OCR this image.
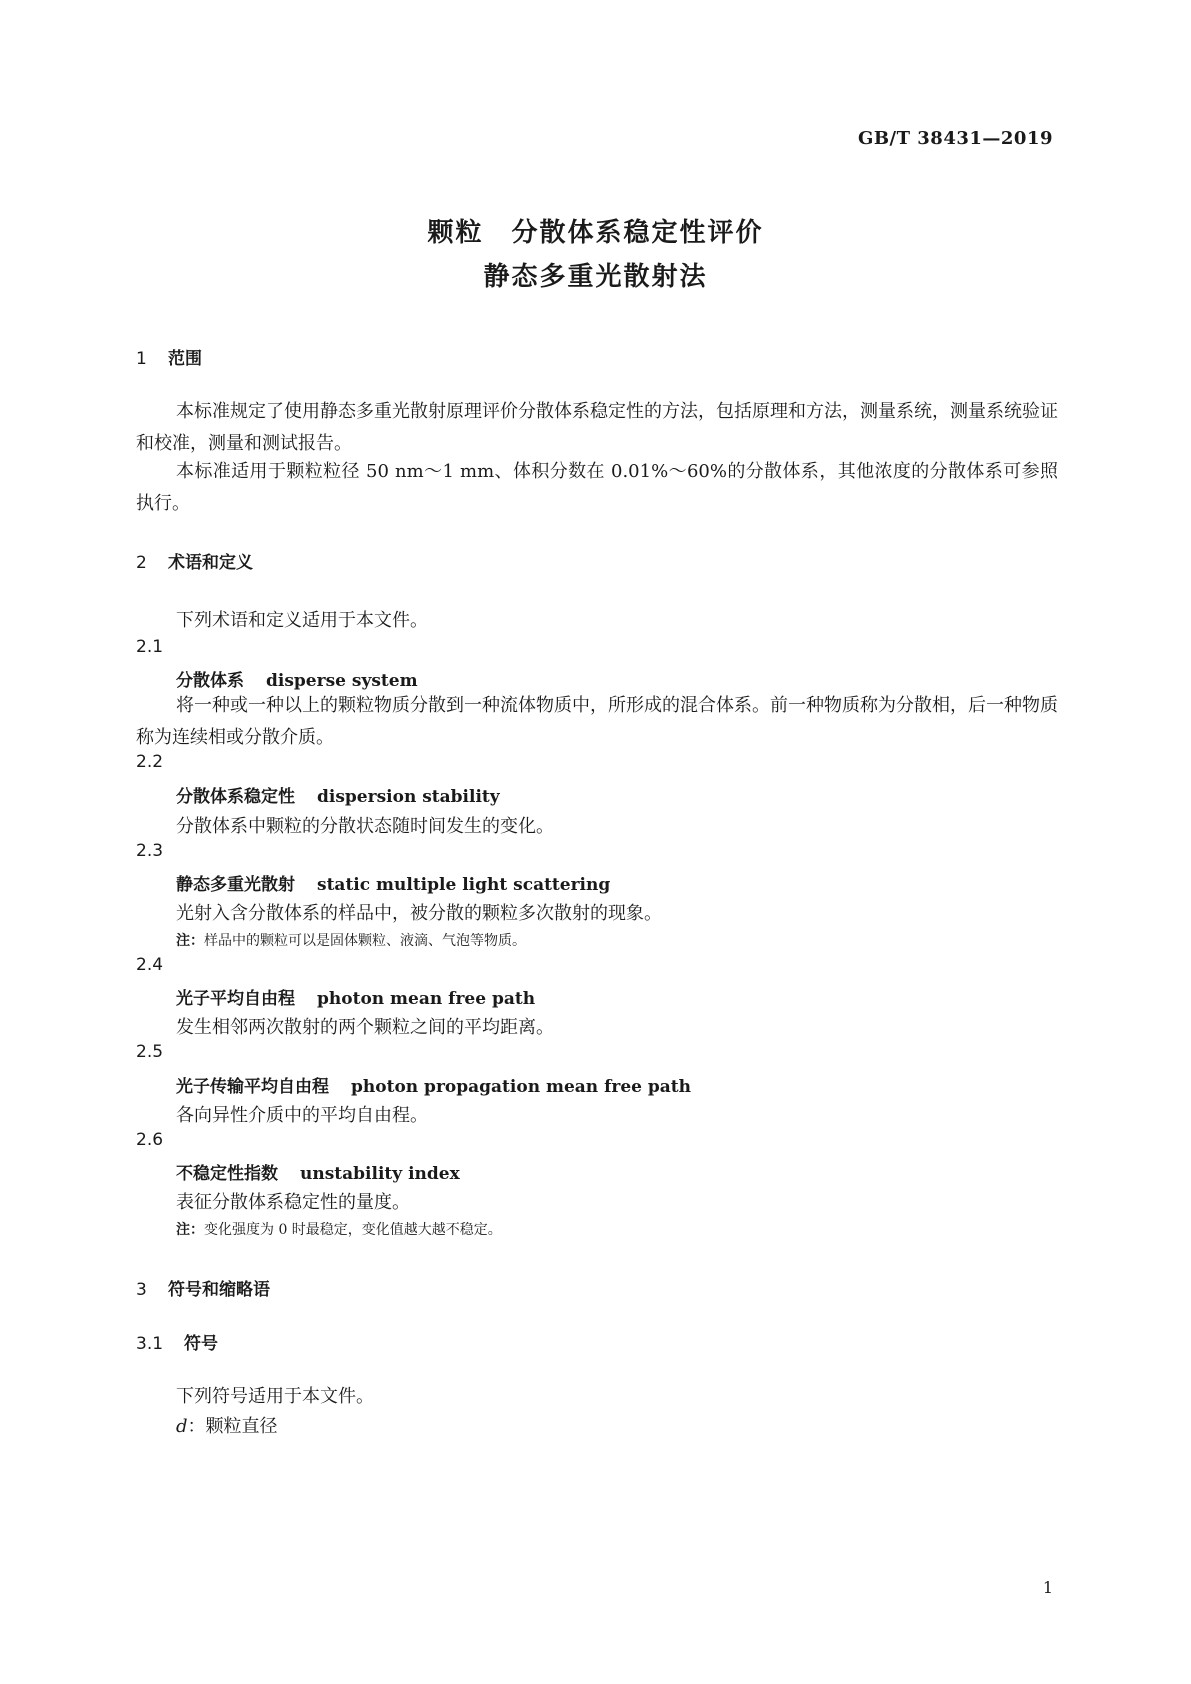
GB/T 38431—2019
颗粒　分散体系稳定性评价
静态多重光散射法
1 范围
本标准规定了使用静态多重光散射原理评价分散体系稳定性的方法，包括原理和方法，测量系统，测量系统验证和校准，测量和测试报告。
本标准适用于颗粒粒径 50 nm～1 mm、体积分数在 0.01%～60%的分散体系，其他浓度的分散体系可参照执行。
2 术语和定义
下列术语和定义适用于本文件。
2.1
分散体系 disperse system
将一种或一种以上的颗粒物质分散到一种流体物质中，所形成的混合体系。前一种物质称为分散相，后一种物质称为连续相或分散介质。
2.2
分散体系稳定性 dispersion stability
分散体系中颗粒的分散状态随时间发生的变化。
2.3
静态多重光散射 static multiple light scattering
光射入含分散体系的样品中，被分散的颗粒多次散射的现象。
注：样品中的颗粒可以是固体颗粒、液滴、气泡等物质。
2.4
光子平均自由程 photon mean free path
发生相邻两次散射的两个颗粒之间的平均距离。
2.5
光子传输平均自由程 photon propagation mean free path
各向异性介质中的平均自由程。
2.6
不稳定性指数 unstability index
表征分散体系稳定性的量度。
注：变化强度为 0 时最稳定，变化值越大越不稳定。
3 符号和缩略语
3.1 符号
下列符号适用于本文件。
d：颗粒直径
1
